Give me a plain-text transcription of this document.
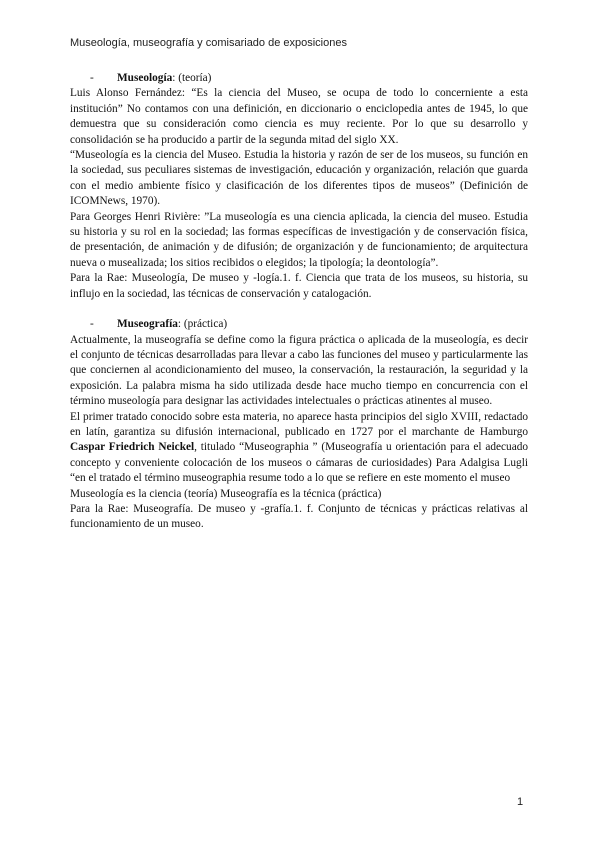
Museología, museografía y comisariado de exposiciones

- Museología: (teoría)

Luis Alonso Fernández: “Es la ciencia del Museo, se ocupa de todo lo concerniente a esta institución” No contamos con una definición, en diccionario o enciclopedia antes de 1945, lo que demuestra que su consideración como ciencia es muy reciente. Por lo que su desarrollo y consolidación se ha producido a partir de la segunda mitad del siglo XX.

“Museología es la ciencia del Museo. Estudia la historia y razón de ser de los museos, su función en la sociedad, sus peculiares sistemas de investigación, educación y organización, relación que guarda con el medio ambiente físico y clasificación de los diferentes tipos de museos” (Definición de ICOMNews, 1970).

Para Georges Henri Rivière: ”La museología es una ciencia aplicada, la ciencia del museo. Estudia su historia y su rol en la sociedad; las formas específicas de investigación y de conservación física, de presentación, de animación y de difusión; de organización y de funcionamiento; de arquitectura nueva o musealizada; los sitios recibidos o elegidos; la tipología; la deontología”.

Para la Rae: Museología, De museo y -logía.1. f. Ciencia que trata de los museos, su historia, su influjo en la sociedad, las técnicas de conservación y catalogación.

- Museografía: (práctica)

Actualmente, la museografía se define como la figura práctica o aplicada de la museología, es decir el conjunto de técnicas desarrolladas para llevar a cabo las funciones del museo y particularmente las que conciernen al acondicionamiento del museo, la conservación, la restauración, la seguridad y la exposición. La palabra misma ha sido utilizada desde hace mucho tiempo en concurrencia con el término museología para designar las actividades intelectuales o prácticas atinentes al museo.

El primer tratado conocido sobre esta materia, no aparece hasta principios del siglo XVIII, redactado en latín, garantiza su difusión internacional, publicado en 1727 por el marchante de Hamburgo Caspar Friedrich Neickel, titulado “Museographia ” (Museografía u orientación para el adecuado concepto y conveniente colocación de los museos o cámaras de curiosidades) Para Adalgisa Lugli “en el tratado el término museographia resume todo a lo que se refiere en este momento el museo

Museología es la ciencia (teoría) Museografía es la técnica (práctica)

Para la Rae: Museografía. De museo y -grafía.1. f. Conjunto de técnicas y prácticas relativas al funcionamiento de un museo.

1
